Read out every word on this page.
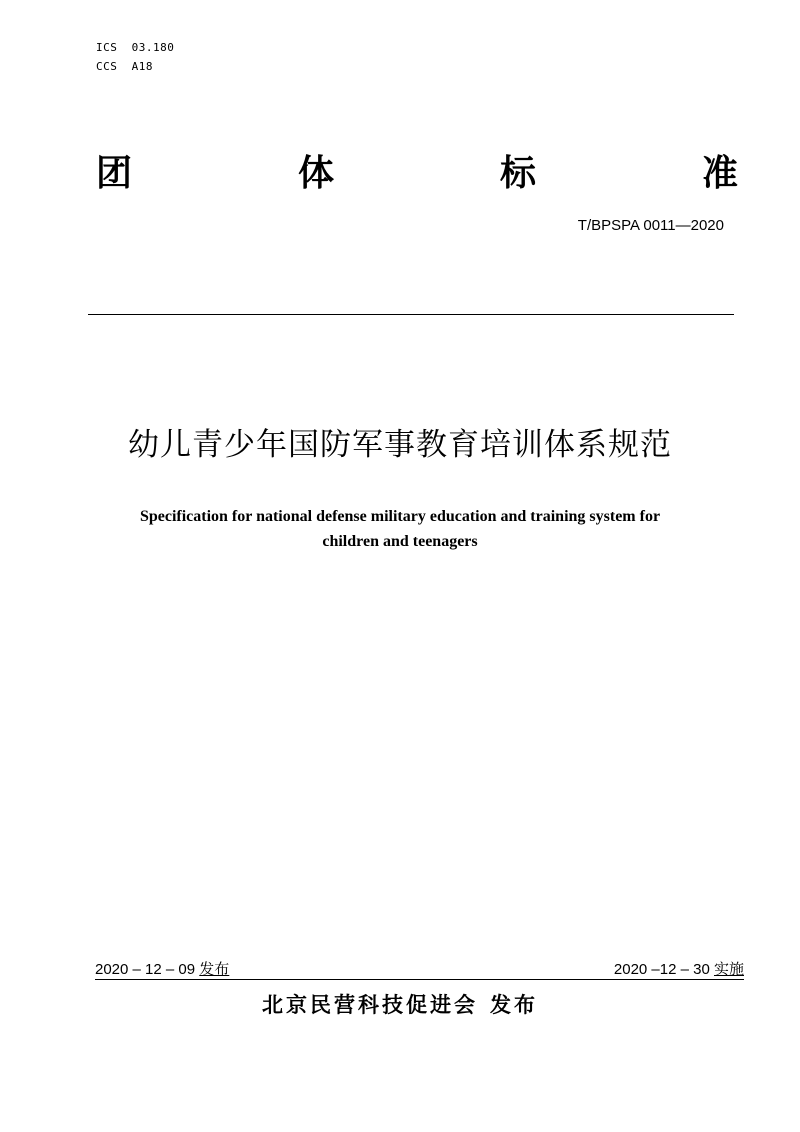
ICS  03.180
CCS  A18
团	体	标	准
T/BPSPA 0011—2020
幼儿青少年国防军事教育培训体系规范
Specification for national defense military education and training system for
children and teenagers
2020 – 12 – 09 发布	2020 –12 – 30 实施
北京民营科技促进会 发布
